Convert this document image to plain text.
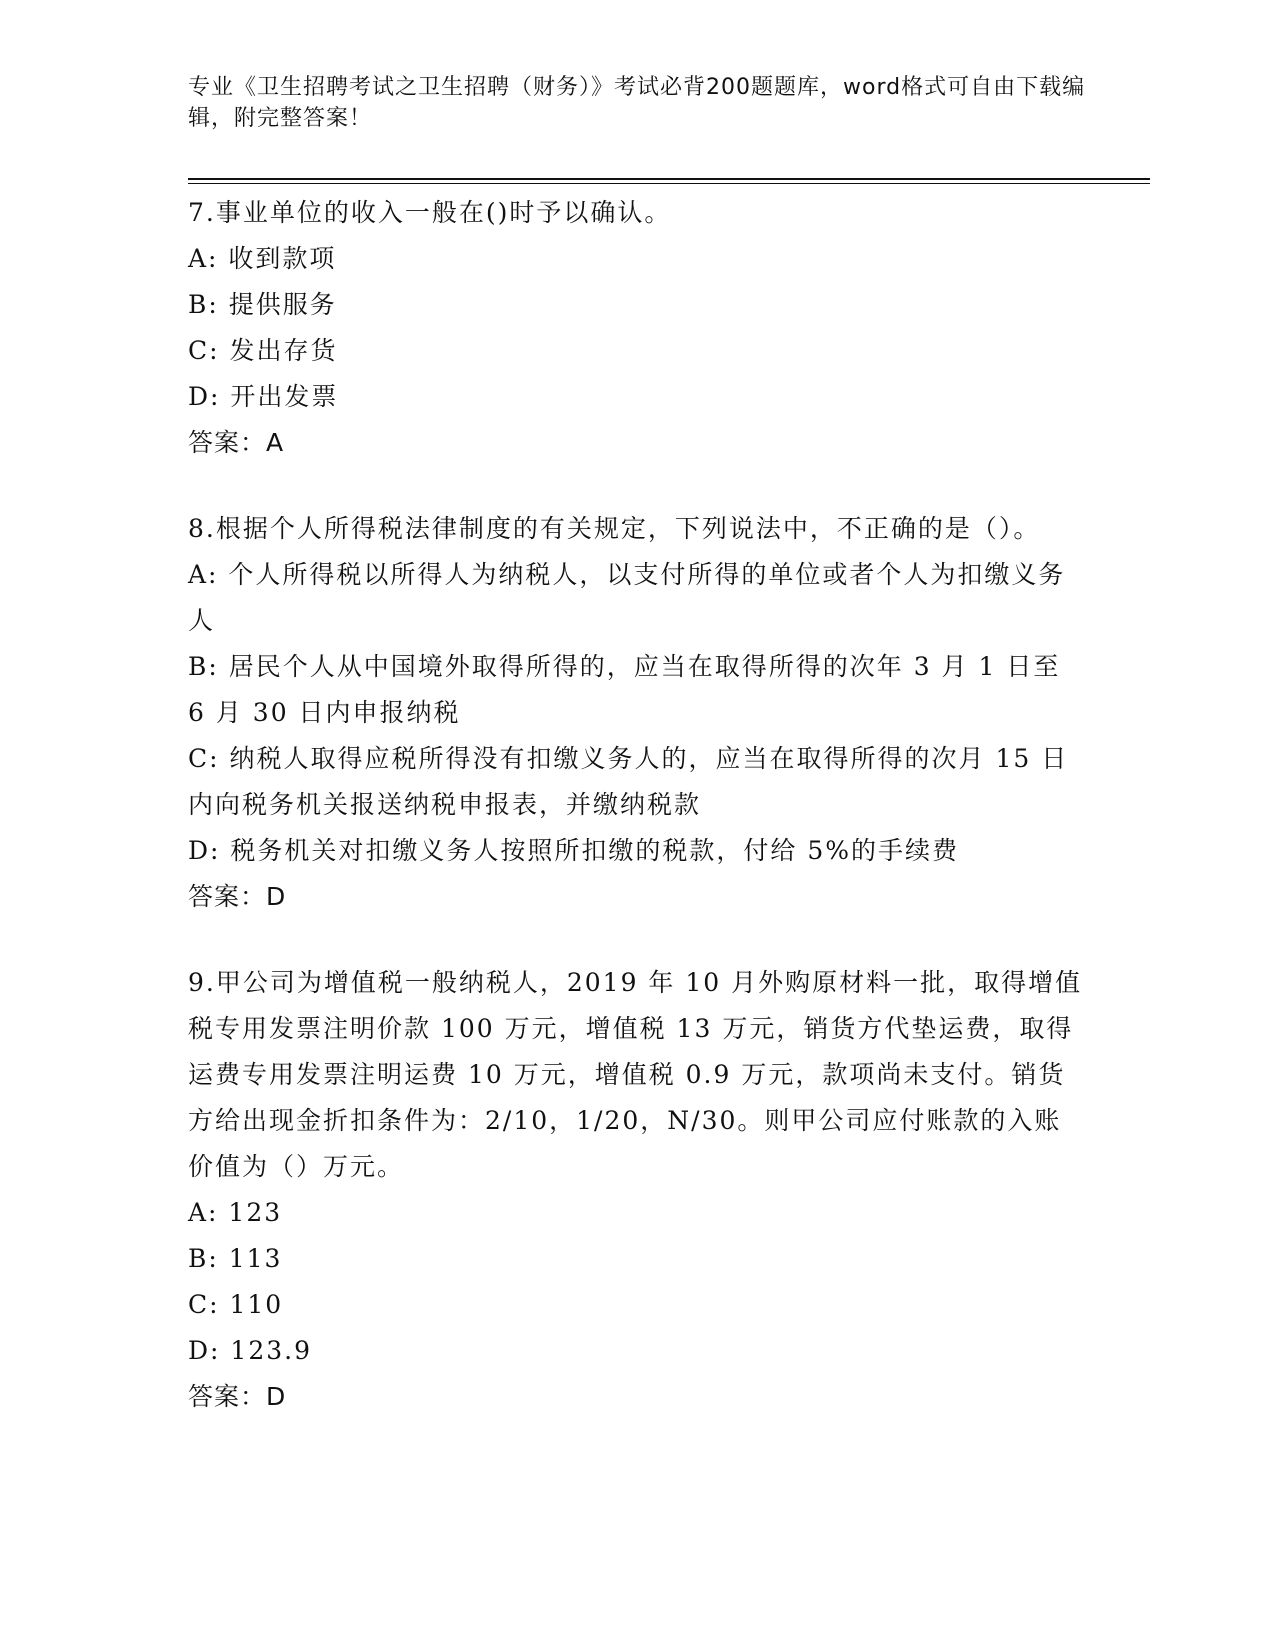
专业《卫生招聘考试之卫生招聘（财务）》考试必背200题题库，word格式可自由下载编辑，附完整答案！

7.事业单位的收入一般在()时予以确认。

A: 收到款项

B: 提供服务

C: 发出存货

D: 开出发票

答案：A

8.根据个人所得税法律制度的有关规定，下列说法中，不正确的是（）。

A: 个人所得税以所得人为纳税人，以支付所得的单位或者个人为扣缴义务人

B: 居民个人从中国境外取得所得的，应当在取得所得的次年 3 月 1 日至 6 月 30 日内申报纳税

C: 纳税人取得应税所得没有扣缴义务人的，应当在取得所得的次月 15 日内向税务机关报送纳税申报表，并缴纳税款

D: 税务机关对扣缴义务人按照所扣缴的税款，付给 5%的手续费

答案：D

9.甲公司为增值税一般纳税人，2019 年 10 月外购原材料一批，取得增值税专用发票注明价款 100 万元，增值税 13 万元，销货方代垫运费，取得运费专用发票注明运费 10 万元，增值税 0.9 万元，款项尚未支付。销货方给出现金折扣条件为：2/10，1/20，N/30。则甲公司应付账款的入账价值为（）万元。

A: 123

B: 113

C: 110

D: 123.9

答案：D
